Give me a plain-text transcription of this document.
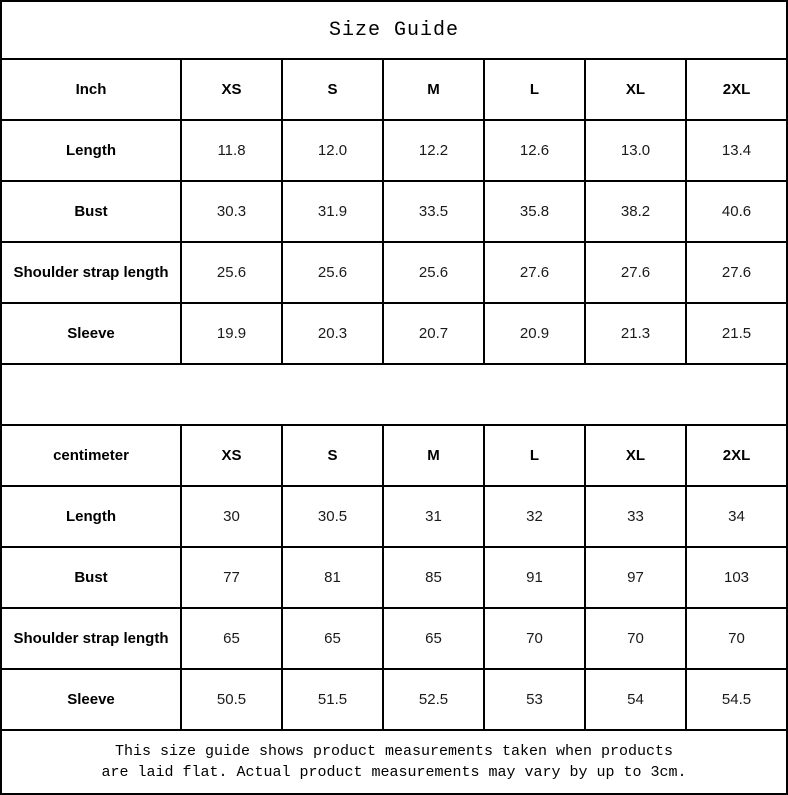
Size Guide
Inch	XS	S	M	L	XL	2XL
Length	11.8	12.0	12.2	12.6	13.0	13.4
Bust	30.3	31.9	33.5	35.8	38.2	40.6
Shoulder strap length	25.6	25.6	25.6	27.6	27.6	27.6
Sleeve	19.9	20.3	20.7	20.9	21.3	21.5
centimeter	XS	S	M	L	XL	2XL
Length	30	30.5	31	32	33	34
Bust	77	81	85	91	97	103
Shoulder strap length	65	65	65	70	70	70
Sleeve	50.5	51.5	52.5	53	54	54.5
This size guide shows product measurements taken when products
are laid flat. Actual product measurements may vary by up to 3cm.
